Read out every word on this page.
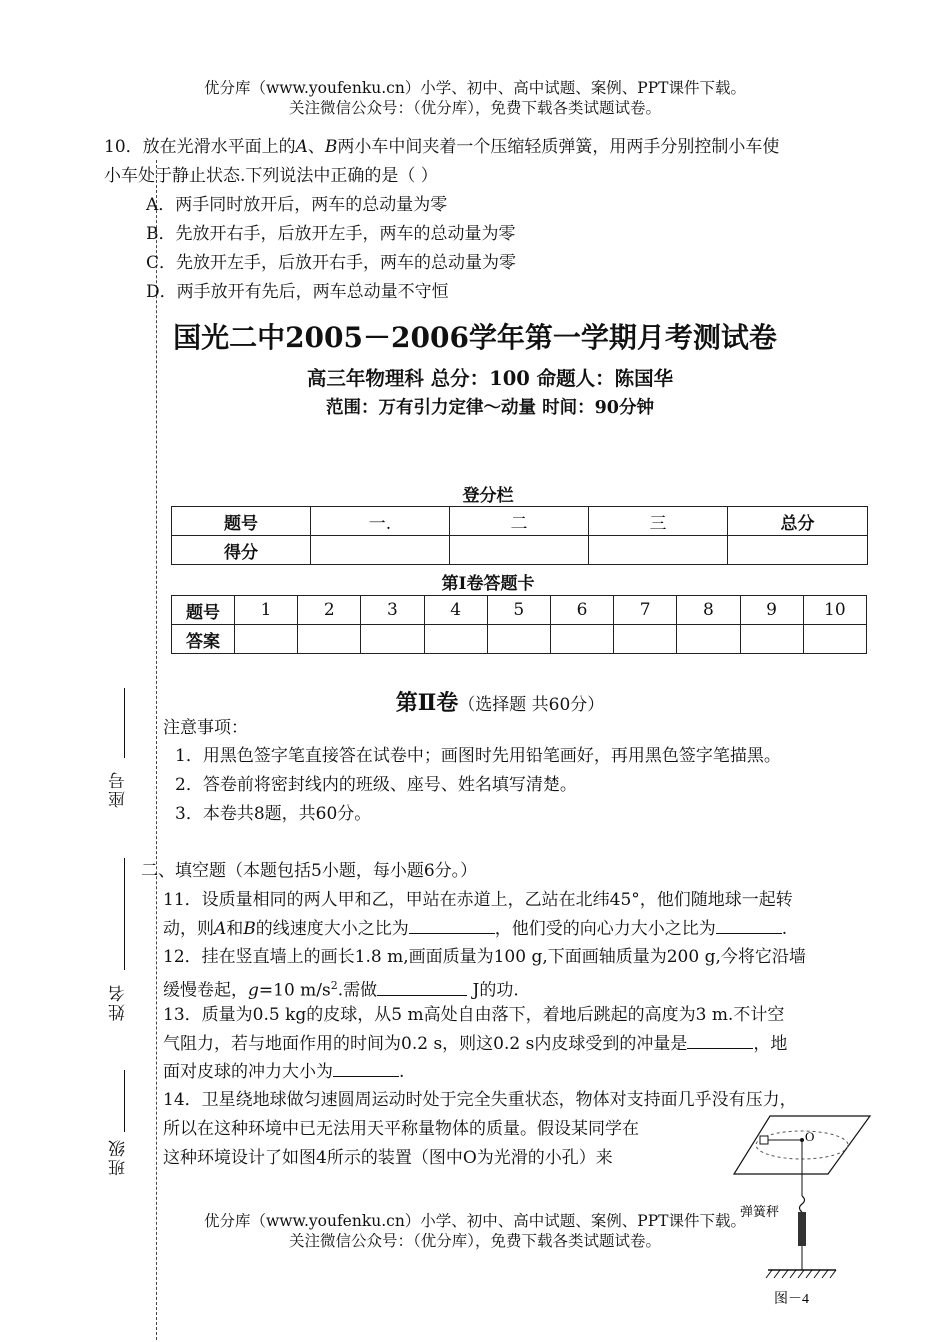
优分库（www.youfenku.cn）小学、初中、高中试题、案例、PPT课件下载。
关注微信公众号：（优分库），免费下载各类试题试卷。
座号
姓名
班级
10．放在光滑水平面上的A、B两小车中间夹着一个压缩轻质弹簧，用两手分别控制小车使
小车处于静止状态.下列说法中正确的是（ ）
A．两手同时放开后，两车的总动量为零
B．先放开右手，后放开左手，两车的总动量为零
C．先放开左手，后放开右手，两车的总动量为零
D．两手放开有先后，两车总动量不守恒
国光二中2005－2006学年第一学期月考测试卷
高三年物理科 总分：100 命题人：陈国华
范围：万有引力定律～动量 时间：90分钟
登分栏
题号	一.	二	三	总分
得分				
第Ⅰ卷答题卡
题号	1	2	3	4	5	6	7	8	9	10
答案										
第Ⅱ卷（选择题 共60分）
注意事项：
1．用黑色签字笔直接答在试卷中；画图时先用铅笔画好，再用黑色签字笔描黑。
2．答卷前将密封线内的班级、座号、姓名填写清楚。
3．本卷共8题，共60分。
二、填空题（本题包括5小题，每小题6分。）
11．设质量相同的两人甲和乙，甲站在赤道上，乙站在北纬45°，他们随地球一起转
动，则A和B的线速度大小之比为	，他们受的向心力大小之比为	.
12．挂在竖直墙上的画长1.8 m,画面质量为100 g,下面画轴质量为200 g,今将它沿墙
缓慢卷起，g=10 $m/s^2$.需做	J的功.
13．质量为0.5 kg的皮球，从5 m高处自由落下，着地后跳起的高度为3 m.不计空
气阻力，若与地面作用的时间为0.2 s，则这0.2 s内皮球受到的冲量是	，地
面对皮球的冲力大小为	.
14．卫星绕地球做匀速圆周运动时处于完全失重状态，物体对支持面几乎没有压力，
所以在这种环境中已无法用天平称量物体的质量。假设某同学在
这种环境设计了如图4所示的装置（图中O为光滑的小孔）来
O
弹簧秤
图－4
优分库（www.youfenku.cn）小学、初中、高中试题、案例、PPT课件下载。
关注微信公众号：（优分库），免费下载各类试题试卷。
